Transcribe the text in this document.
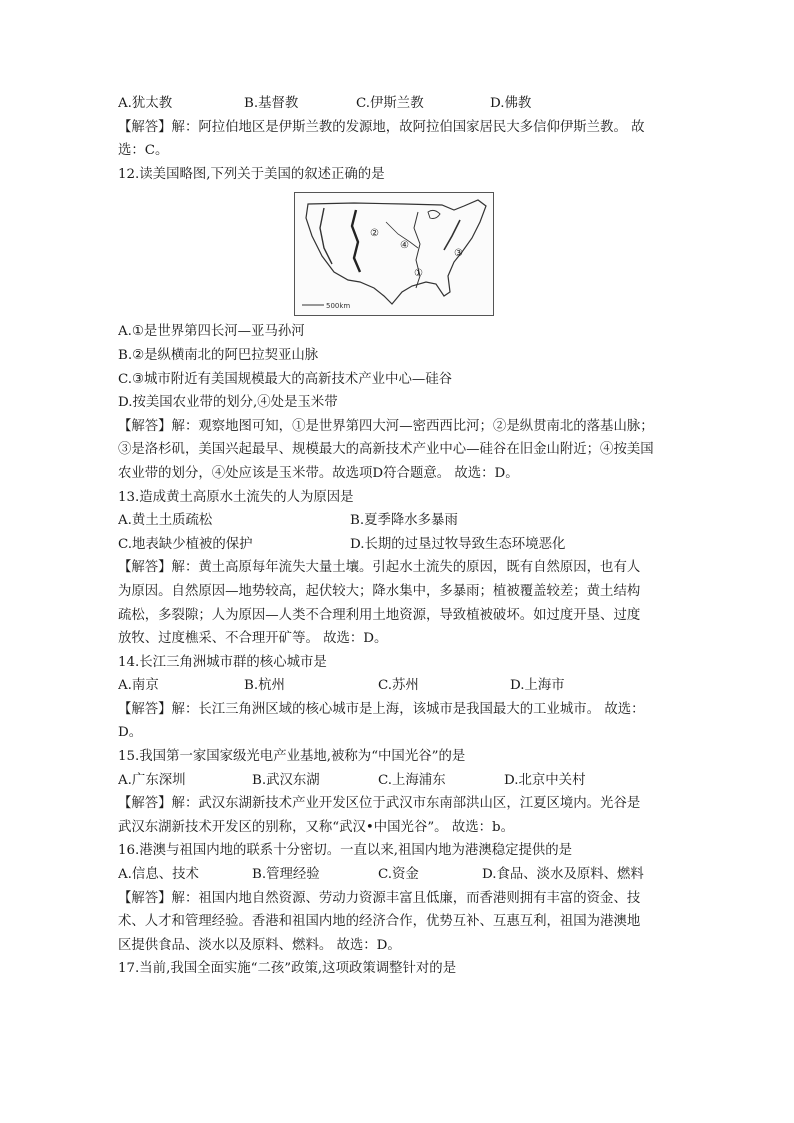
A.犹太教	B.基督教	C.伊斯兰教	D.佛教
【解答】解：阿拉伯地区是伊斯兰教的发源地，故阿拉伯国家居民大多信仰伊斯兰教。 故
选：C。
12.读美国略图,下列关于美国的叙述正确的是
②
④
③
①
500km
A.①是世界第四长河—亚马孙河
B.②是纵横南北的阿巴拉契亚山脉
C.③城市附近有美国规模最大的高新技术产业中心—硅谷
D.按美国农业带的划分,④处是玉米带
【解答】解：观察地图可知，①是世界第四大河—密西西比河；②是纵贯南北的落基山脉；
③是洛杉矶，美国兴起最早、规模最大的高新技术产业中心—硅谷在旧金山附近；④按美国
农业带的划分，④处应该是玉米带。故选项D符合题意。 故选：D。
13.造成黄土高原水土流失的人为原因是
A.黄土土质疏松	B.夏季降水多暴雨
C.地表缺少植被的保护	D.长期的过垦过牧导致生态环境恶化
【解答】解：黄土高原每年流失大量土壤。引起水土流失的原因，既有自然原因，也有人
为原因。自然原因—地势较高，起伏较大；降水集中，多暴雨；植被覆盖较差；黄土结构
疏松，多裂隙；人为原因—人类不合理利用土地资源，导致植被破坏。如过度开垦、过度
放牧、过度樵采、不合理开矿等。 故选：D。
14.长江三角洲城市群的核心城市是
A.南京	B.杭州	C.苏州	D.上海市
【解答】解：长江三角洲区域的核心城市是上海，该城市是我国最大的工业城市。 故选：
D。
15.我国第一家国家级光电产业基地,被称为“中国光谷”的是
A.广东深圳	B.武汉东湖	C.上海浦东	D.北京中关村
【解答】解：武汉东湖新技术产业开发区位于武汉市东南部洪山区，江夏区境内。光谷是
武汉东湖新技术开发区的别称，又称“武汉•中国光谷”。 故选：b。
16.港澳与祖国内地的联系十分密切。一直以来,祖国内地为港澳稳定提供的是
A.信息、技术	B.管理经验	C.资金	D.食品、淡水及原料、燃料
【解答】解：祖国内地自然资源、劳动力资源丰富且低廉，而香港则拥有丰富的资金、技
术、人才和管理经验。香港和祖国内地的经济合作，优势互补、互惠互利，祖国为港澳地
区提供食品、淡水以及原料、燃料。 故选：D。
17.当前,我国全面实施“二孩”政策,这项政策调整针对的是
